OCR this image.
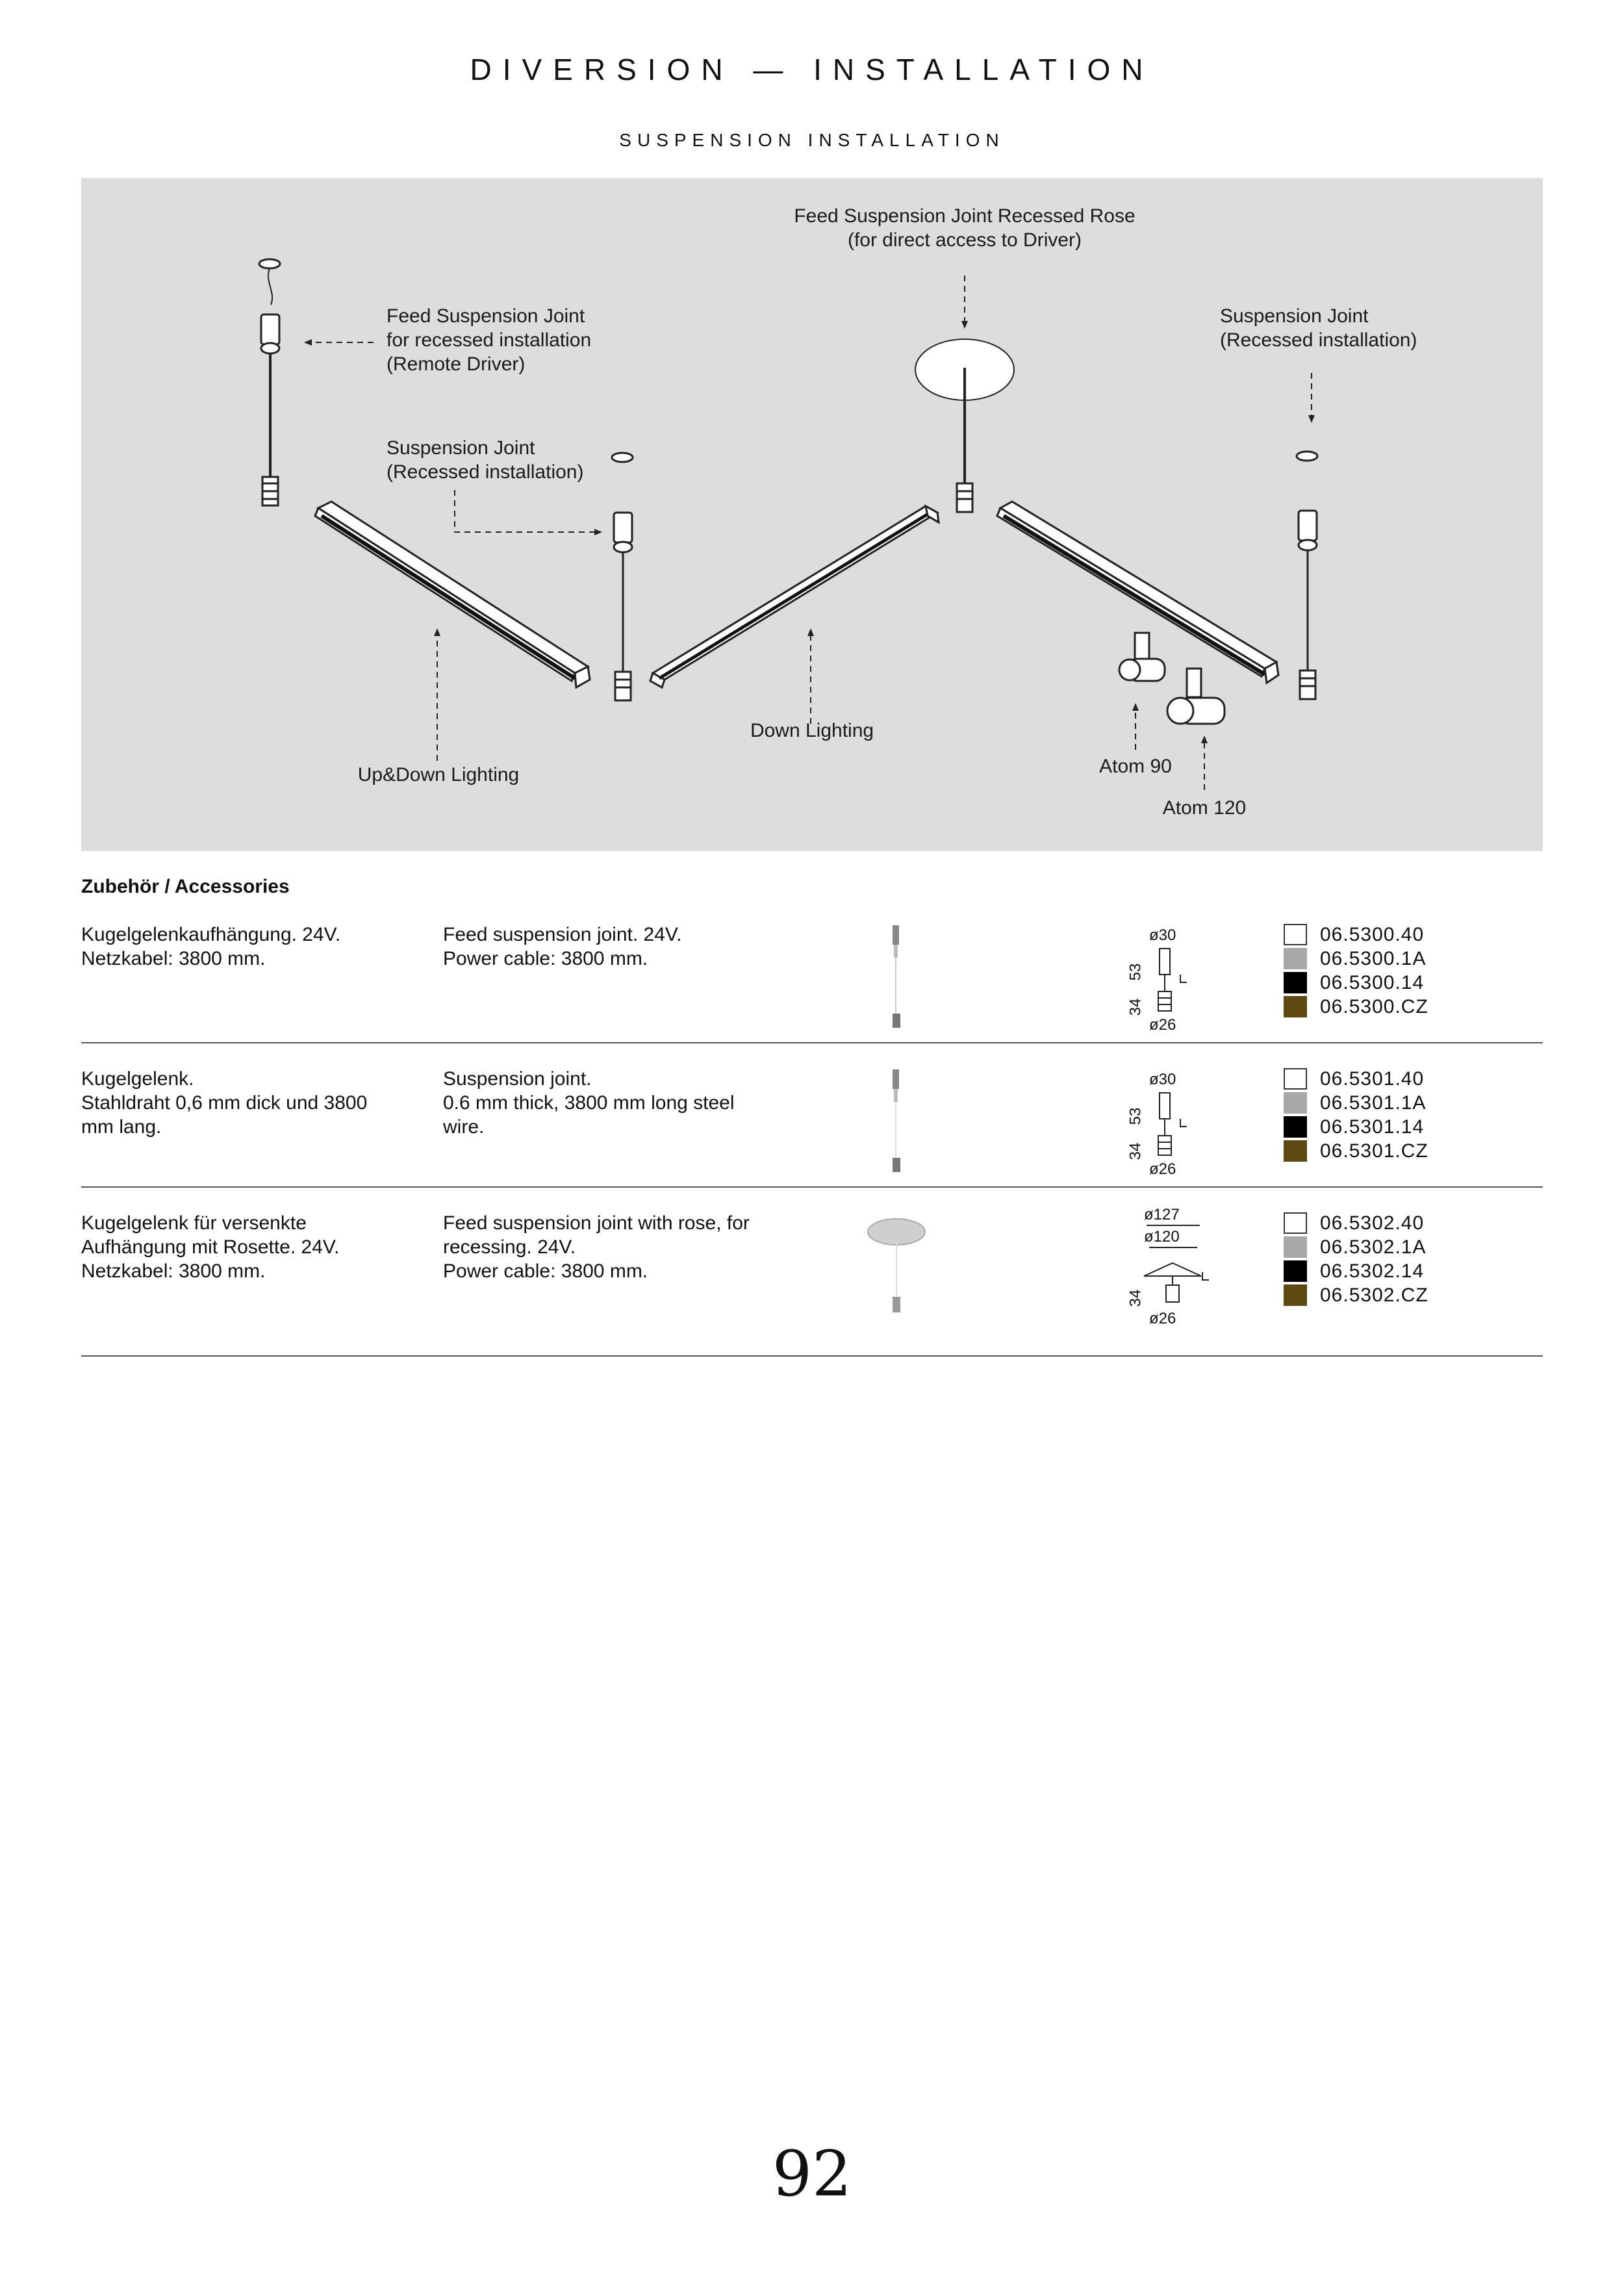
DIVERSION — INSTALLATION
SUSPENSION INSTALLATION
Feed Suspension Joint Recessed Rose
(for direct access to Driver)
Feed Suspension Joint
for recessed installation
(Remote Driver)
Suspension Joint
(Recessed installation)
Suspension Joint
(Recessed installation)
Down Lighting
Up&Down Lighting	Atom 90
Atom 120
Zubehör / Accessories
Kugelgelenkaufhängung. 24V.
Netzkabel: 3800 mm.
Feed suspension joint. 24V.
Power cable: 3800 mm.
ø30
53
34
ø26
06.5300.40
06.5300.1A
06.5300.14
06.5300.CZ
Kugelgelenk.
Stahldraht 0,6 mm dick und 3800
mm lang.
Suspension joint.
0.6 mm thick, 3800 mm long steel
wire.
ø30
53
34
ø26
06.5301.40
06.5301.1A
06.5301.14
06.5301.CZ
Kugelgelenk für versenkte
Aufhängung mit Rosette. 24V.
Netzkabel: 3800 mm.
Feed suspension joint with rose, for
recessing. 24V.
Power cable: 3800 mm.
ø127
ø120
34
ø26
06.5302.40
06.5302.1A
06.5302.14
06.5302.CZ
92
